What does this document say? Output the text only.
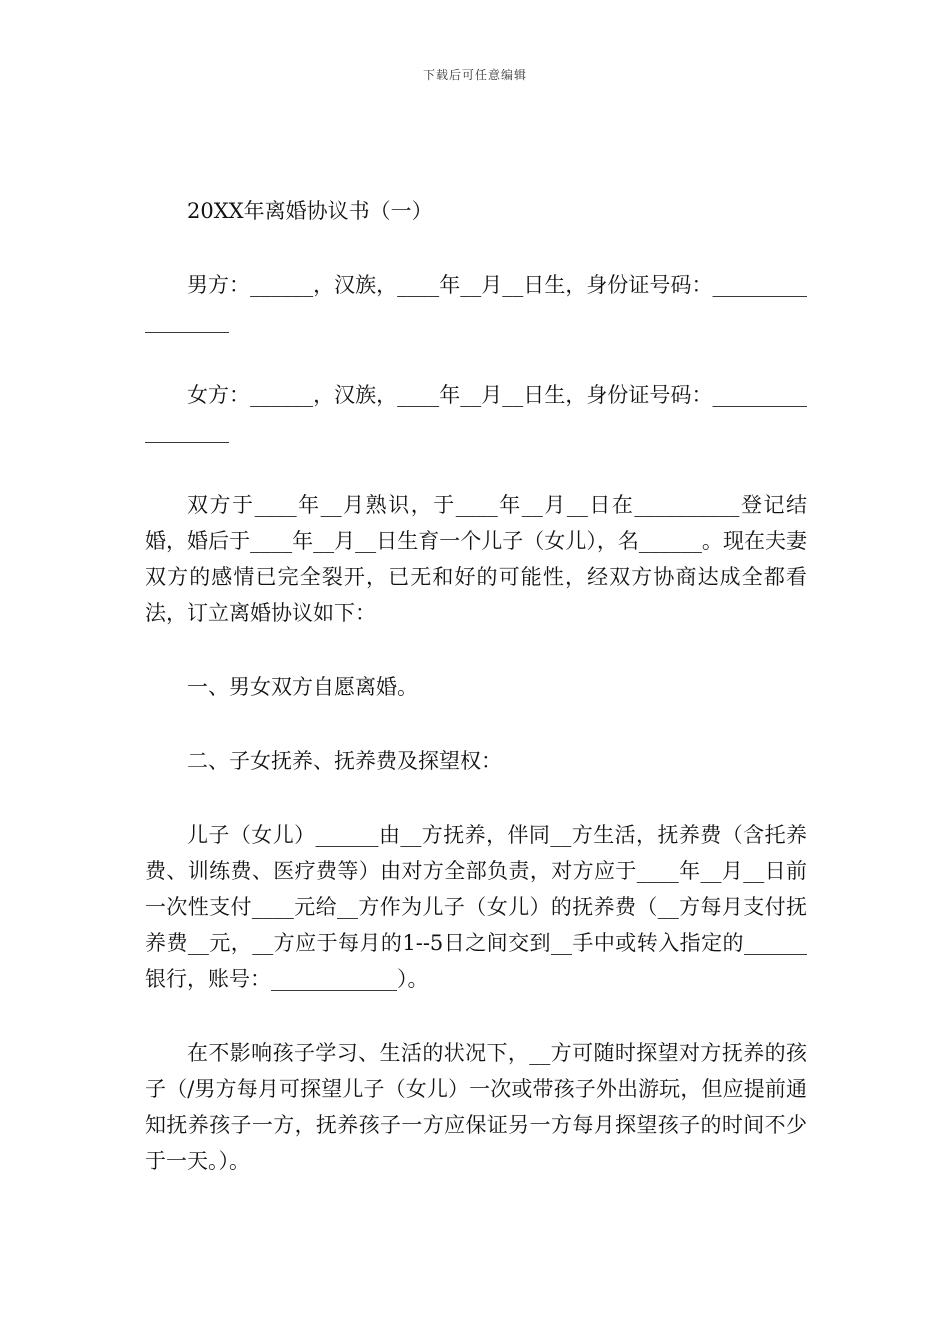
下载后可任意编辑

20XX年离婚协议书（一）

男方：______，汉族，____年__月__日生，身份证号码：_________________

女方：______，汉族，____年__月__日生，身份证号码：_________________

双方于____年__月熟识，于____年__月__日在__________登记结婚，婚后于____年__月__日生育一个儿子（女儿），名______。现在夫妻双方的感情已完全裂开，已无和好的可能性，经双方协商达成全都看法，订立离婚协议如下：

一、男女双方自愿离婚。

二、子女抚养、抚养费及探望权：

儿子（女儿）______由__方抚养，伴同__方生活，抚养费（含托养费、训练费、医疗费等）由对方全部负责，对方应于____年__月__日前一次性支付____元给__方作为儿子（女儿）的抚养费（__方每月支付抚养费__元，__方应于每月的1--5日之间交到__手中或转入指定的______银行，账号：____________）。

在不影响孩子学习、生活的状况下，__方可随时探望对方抚养的孩子（/男方每月可探望儿子（女儿）一次或带孩子外出游玩，但应提前通知抚养孩子一方，抚养孩子一方应保证另一方每月探望孩子的时间不少于一天。）。
